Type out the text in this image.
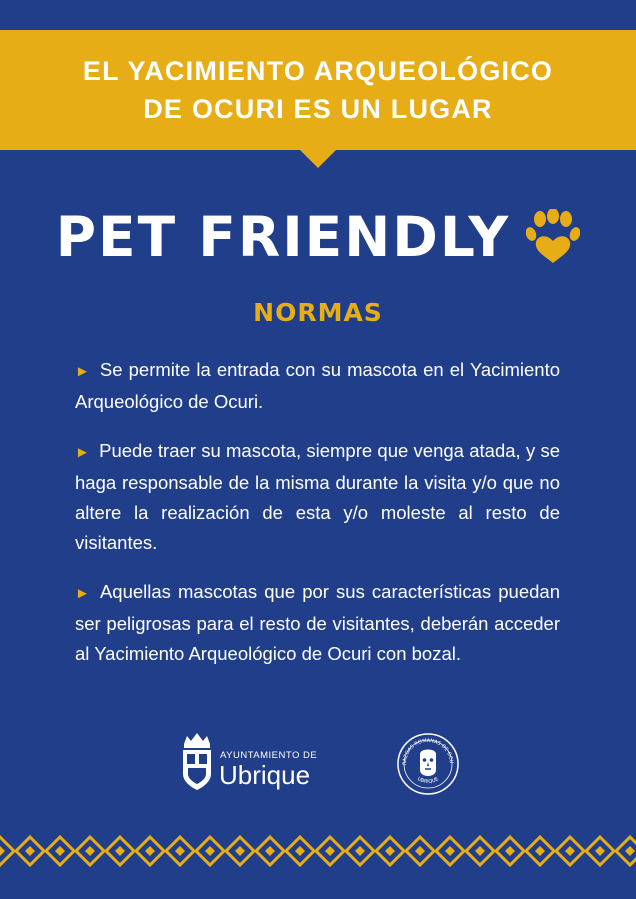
EL YACIMIENTO ARQUEOLÓGICO
DE OCURI ES UN LUGAR
PET FRIENDLY
NORMAS

► Se permite la entrada con su mascota en el Yacimiento Arqueológico de Ocuri.

► Puede traer su mascota, siempre que venga atada, y se haga responsable de la misma durante la visita y/o que no altere la realización de esta y/o moleste al resto de visitantes.

► Aquellas mascotas que por sus características puedan ser peligrosas para el resto de visitantes, deberán acceder al Yacimiento Arqueológico de Ocuri con bozal.

AYUNTAMIENTO DE
Ubrique	RAZGAS ROMANAS DE OCU
UBRIQUE
